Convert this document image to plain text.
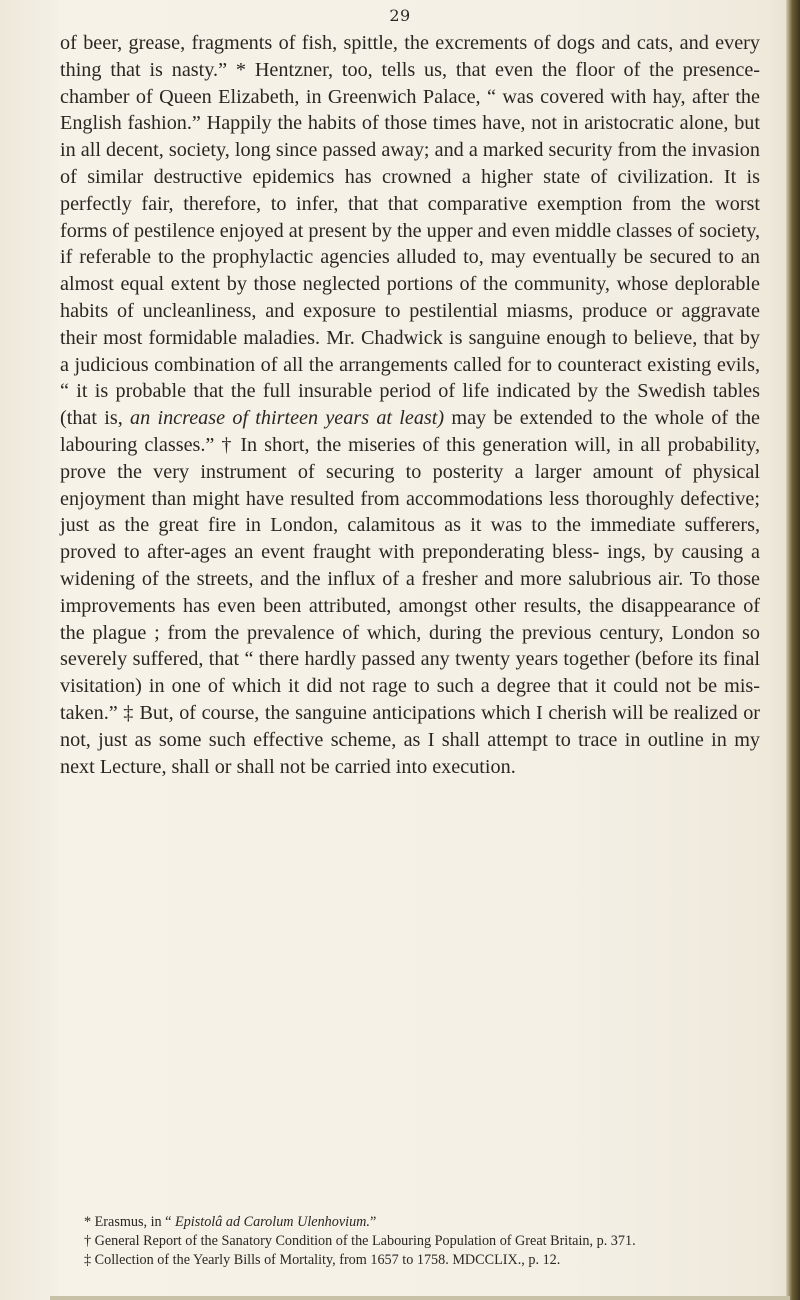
29

of beer, grease, fragments of fish, spittle, the excrements of dogs and cats, and every thing that is nasty.” * Hentzner, too, tells us, that even the floor of the presence-chamber of Queen Elizabeth, in Greenwich Palace, “ was covered with hay, after the English fashion.” Happily the habits of those times have, not in aristocratic alone, but in all decent, society, long since passed away; and a marked security from the invasion of similar destructive epidemics has crowned a higher state of civilization. It is perfectly fair, therefore, to infer, that that comparative exemption from the worst forms of pestilence enjoyed at present by the upper and even middle classes of society, if referable to the prophylactic agencies alluded to, may eventually be secured to an almost equal extent by those neglected portions of the community, whose deplorable habits of uncleanliness, and exposure to pestilential miasms, produce or aggravate their most formidable maladies. Mr. Chadwick is sanguine enough to believe, that by a judicious combination of all the arrangements called for to counteract existing evils, “ it is probable that the full insurable period of life indicated by the Swedish tables (that is, an increase of thirteen years at least) may be extended to the whole of the labouring classes.” † In short, the miseries of this generation will, in all probability, prove the very instrument of securing to posterity a larger amount of physical enjoyment than might have resulted from accommodations less thoroughly defective; just as the great fire in London, calamitous as it was to the immediate sufferers, proved to after-ages an event fraught with preponderating bless- ings, by causing a widening of the streets, and the influx of a fresher and more salubrious air. To those improvements has even been attributed, amongst other results, the disappearance of the plague ; from the prevalence of which, during the previous century, London so severely suffered, that “ there hardly passed any twenty years together (before its final visitation) in one of which it did not rage to such a degree that it could not be mis- taken.” ‡ But, of course, the sanguine anticipations which I cherish will be realized or not, just as some such effective scheme, as I shall attempt to trace in outline in my next Lecture, shall or shall not be carried into execution.

* Erasmus, in “ Epistolâ ad Carolum Ulenhovium.”

† General Report of the Sanatory Condition of the Labouring Population of Great Britain, p. 371.

‡ Collection of the Yearly Bills of Mortality, from 1657 to 1758. MDCCLIX., p. 12.
